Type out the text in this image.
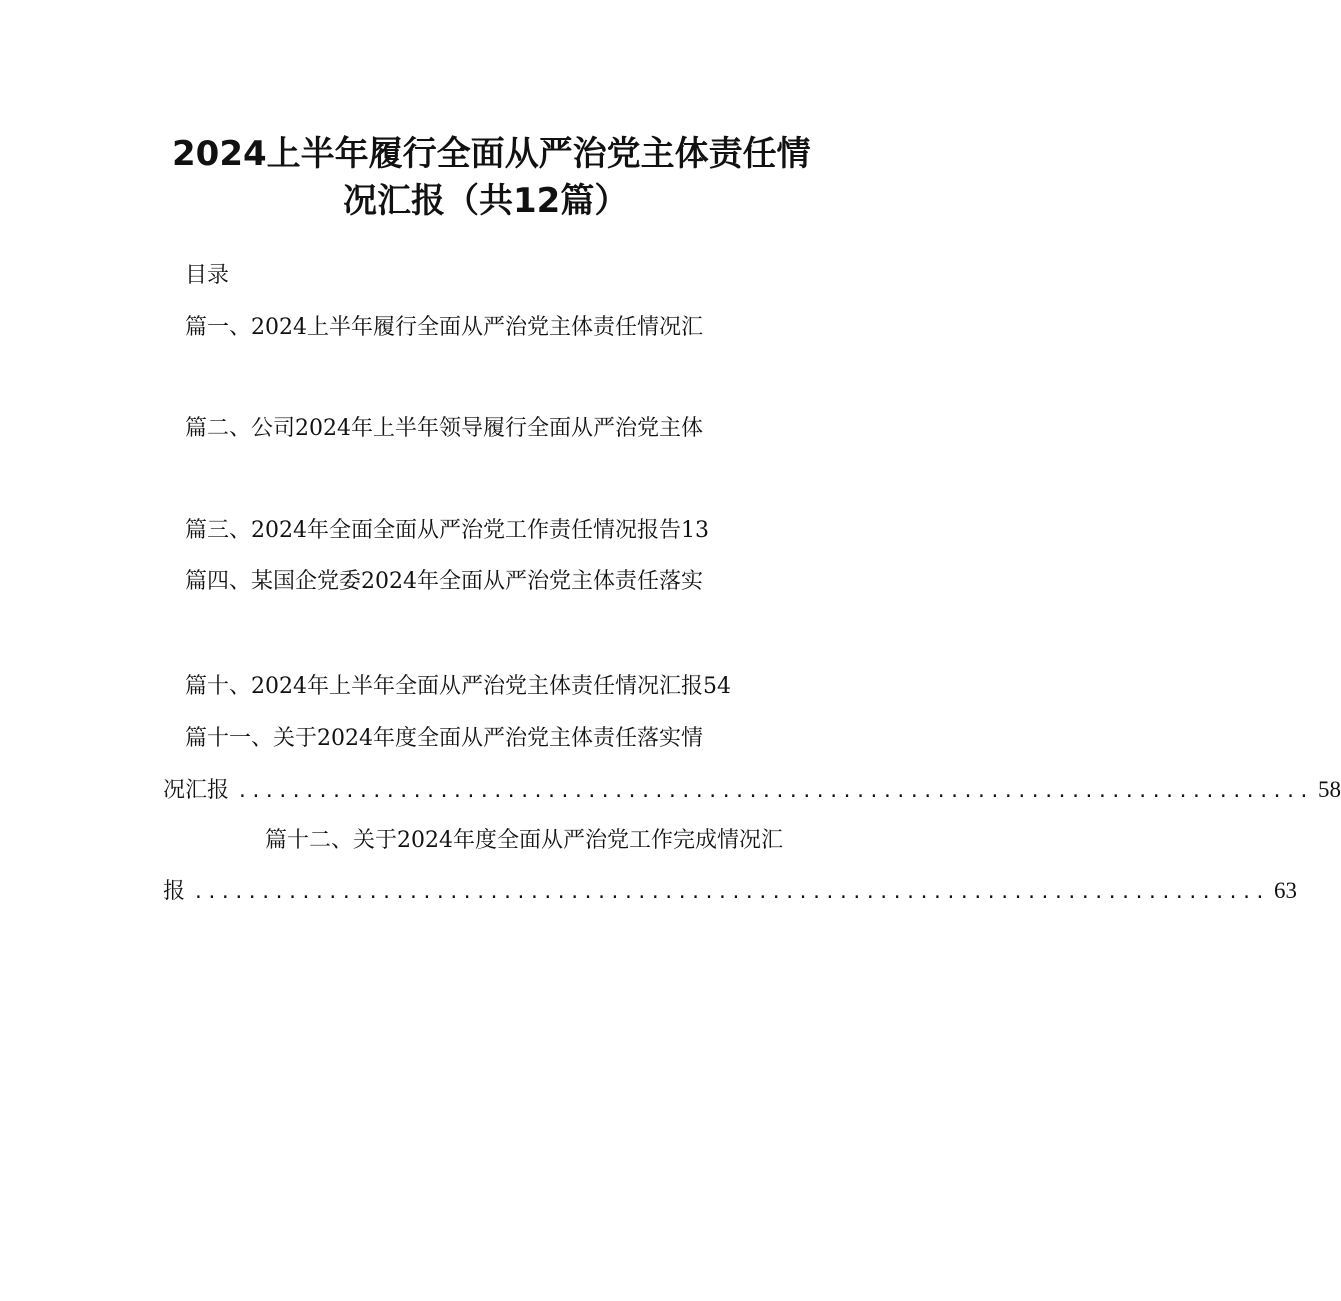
2024上半年履行全面从严治党主体责任情
况汇报（共12篇）
目录
篇一、2024上半年履行全面从严治党主体责任情况汇
篇二、公司2024年上半年领导履行全面从严治党主体
篇三、2024年全面全面从严治党工作责任情况报告13
篇四、某国企党委2024年全面从严治党主体责任落实
篇十、2024年上半年全面从严治党主体责任情况汇报54
篇十一、关于2024年度全面从严治党主体责任落实情
况汇报 ................................................................................ 58
篇十二、关于2024年度全面从严治党工作完成情况汇
报 ................................................................................ 63
